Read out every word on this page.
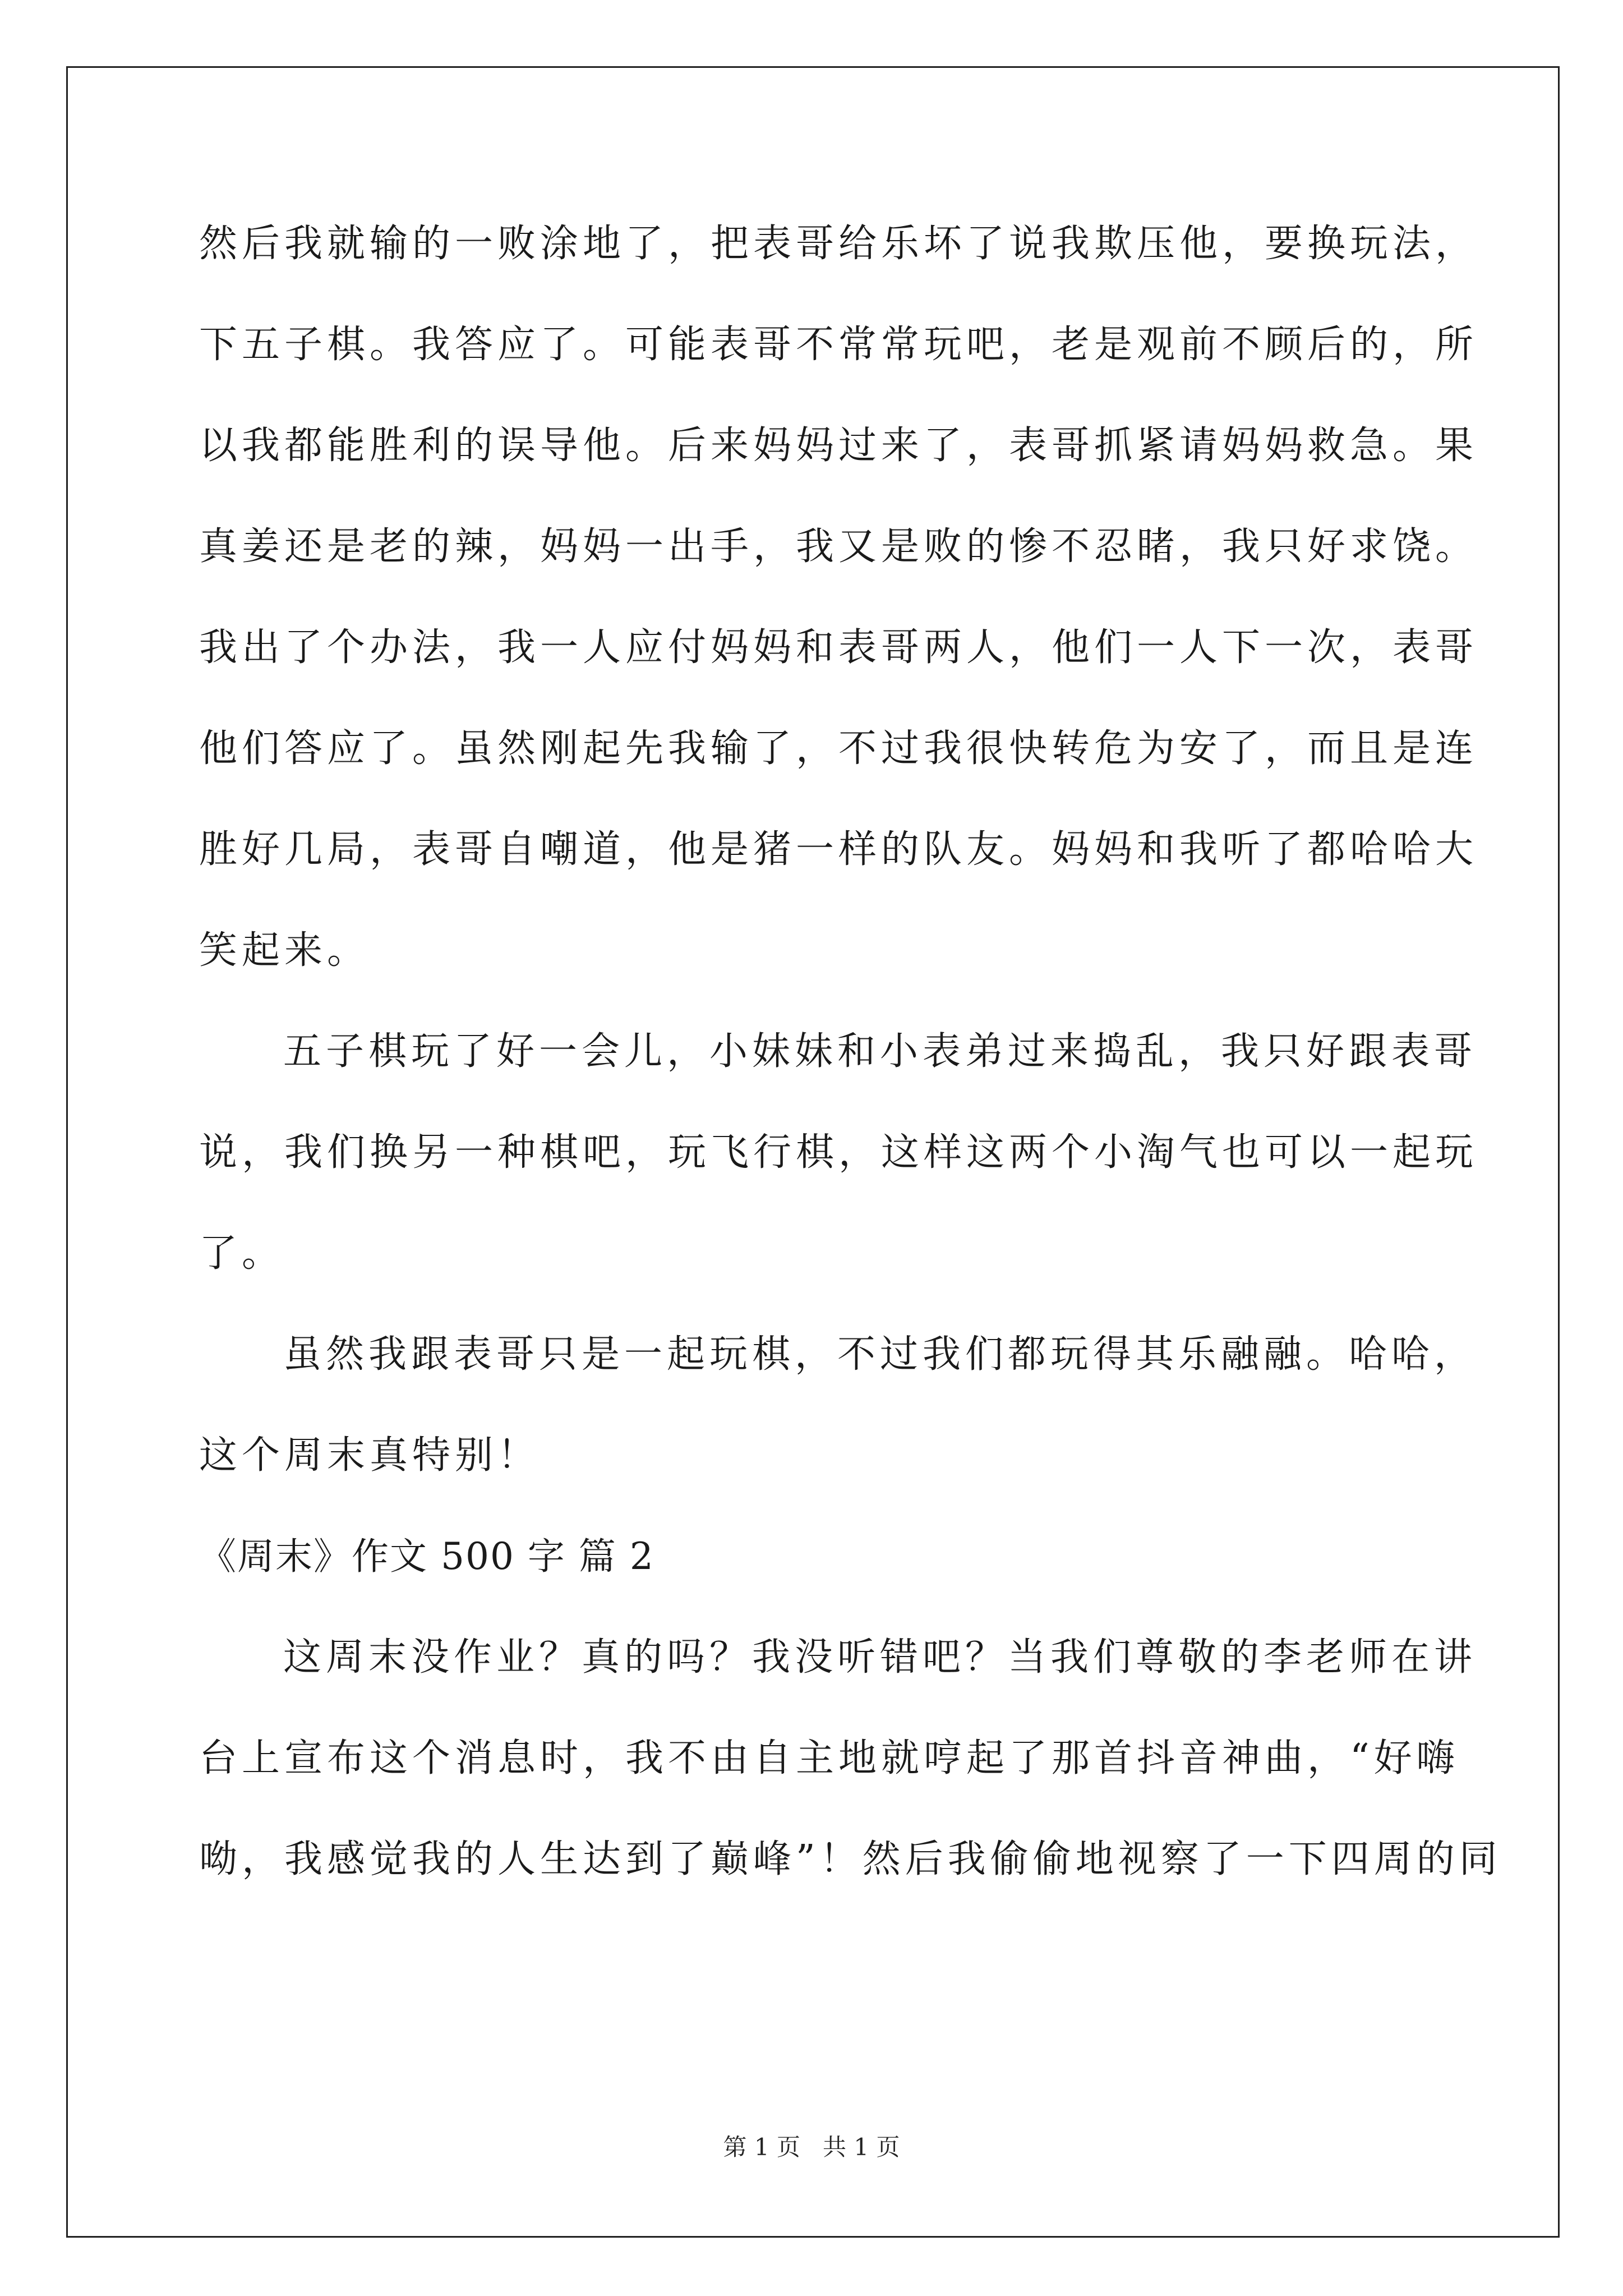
然后我就输的一败涂地了，把表哥给乐坏了说我欺压他，要换玩法，
下五子棋。我答应了。可能表哥不常常玩吧，老是观前不顾后的，所
以我都能胜利的误导他。后来妈妈过来了，表哥抓紧请妈妈救急。果
真姜还是老的辣，妈妈一出手，我又是败的惨不忍睹，我只好求饶。
我出了个办法，我一人应付妈妈和表哥两人，他们一人下一次，表哥
他们答应了。虽然刚起先我输了，不过我很快转危为安了，而且是连
胜好几局，表哥自嘲道，他是猪一样的队友。妈妈和我听了都哈哈大
笑起来。
五子棋玩了好一会儿，小妹妹和小表弟过来捣乱，我只好跟表哥
说，我们换另一种棋吧，玩飞行棋，这样这两个小淘气也可以一起玩
了。
虽然我跟表哥只是一起玩棋，不过我们都玩得其乐融融。哈哈，
这个周末真特别！
《周末》作文 500 字 篇 2
这周末没作业？真的吗？我没听错吧？当我们尊敬的李老师在讲
台上宣布这个消息时，我不由自主地就哼起了那首抖音神曲，“好嗨
呦，我感觉我的人生达到了巅峰”！然后我偷偷地视察了一下四周的同
第 1 页   共 1 页
